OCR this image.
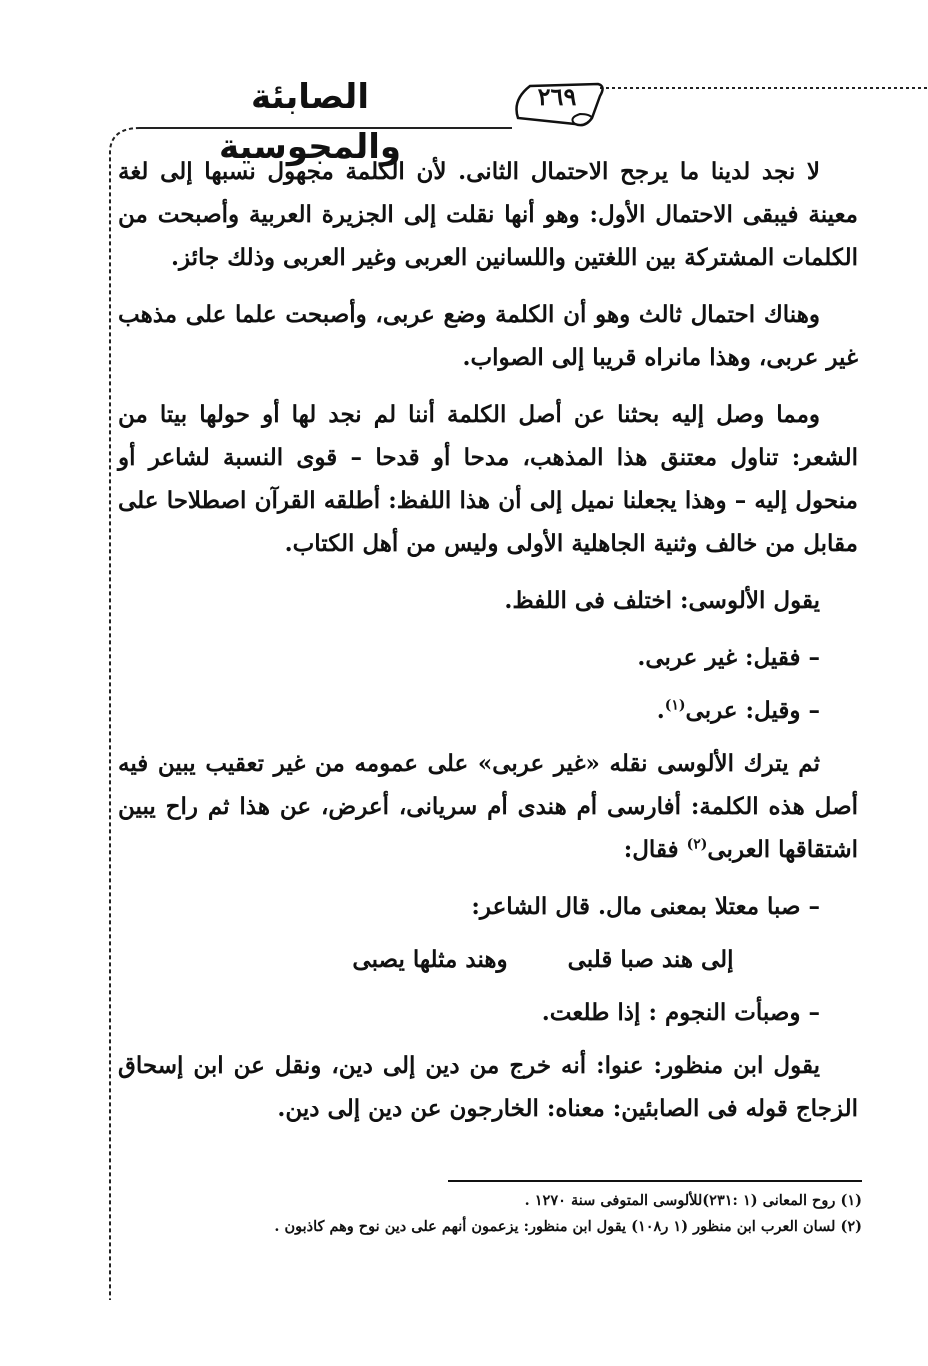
الصابئة والمجوسية
٢٦٩

لا نجد لدينا ما يرجح الاحتمال الثانى. لأن الكلمة مجهول نسبها إلى لغة معينة فيبقى الاحتمال الأول: وهو أنها نقلت إلى الجزيرة العربية وأصبحت من الكلمات المشتركة بين اللغتين واللسانين العربى وغير العربى وذلك جائز.

وهناك احتمال ثالث وهو أن الكلمة وضع عربى، وأصبحت علما على مذهب غير عربى، وهذا مانراه قريبا إلى الصواب.

ومما وصل إليه بحثنا عن أصل الكلمة أننا لم نجد لها أو حولها بيتا من الشعر: تناول معتنق هذا المذهب، مدحا أو قدحا – قوى النسبة لشاعر أو منحول إليه – وهذا يجعلنا نميل إلى أن هذا اللفظ: أطلقه القرآن اصطلاحا على مقابل من خالف وثنية الجاهلية الأولى وليس من أهل الكتاب.

يقول الألوسى: اختلف فى اللفظ.

– فقيل: غير عربى.

– وقيل: عربى$^{(١)}$.

ثم يترك الألوسى نقله «غير عربى» على عمومه من غير تعقيب يبين فيه أصل هذه الكلمة: أفارسى أم هندى أم سريانى، أعرض، عن هذا ثم راح يبين اشتقاقها العربى$^{(٢)}$ فقال:

– صبا معتلا بمعنى مال. قال الشاعر:

إلى هند صبا قلبى
وهند مثلها يصبى

– وصبأت النجوم : إذا طلعت.

يقول ابن منظور: عنوا: أنه خرج من دين إلى دين، ونقل عن ابن إسحاق الزجاج قوله فى الصابئين: معناه: الخارجون عن دين إلى دين.

(١) روح المعانى (١ :٢٣١)للألوسى المتوفى سنة ١٢٧٠ .
(٢) لسان العرب ابن منظور (١ ر١٠٨) يقول ابن منظور: يزعمون أنهم على دين نوح وهم كاذبون .
